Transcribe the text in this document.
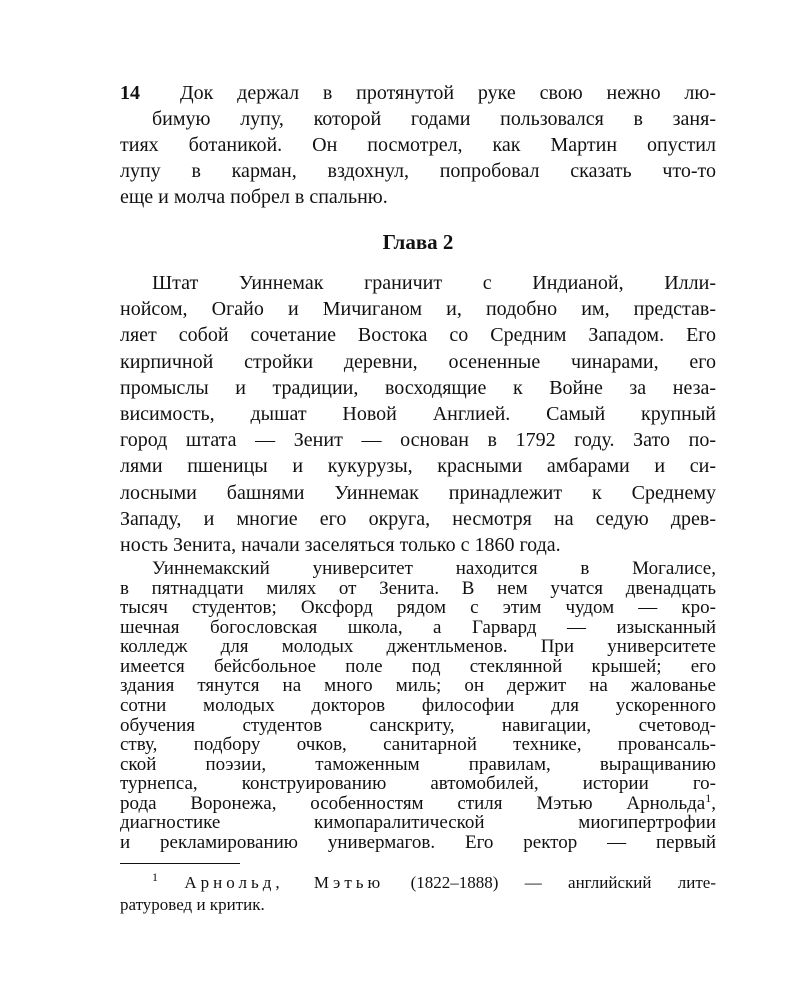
14 Док держал в протянутой руке свою нежно лю-
бимую лупу, которой годами пользовался в заня-
тиях ботаникой. Он посмотрел, как Мартин опустил
лупу в карман, вздохнул, попробовал сказать что-то
еще и молча побрел в спальню.
Глава 2
Штат Уиннемак граничит с Индианой, Илли-
нойсом, Огайо и Мичиганом и, подобно им, представ-
ляет собой сочетание Востока со Средним Западом. Его
кирпичной стройки деревни, осененные чинарами, его
промыслы и традиции, восходящие к Войне за неза-
висимость, дышат Новой Англией. Самый крупный
город штата — Зенит — основан в 1792 году. Зато по-
лями пшеницы и кукурузы, красными амбарами и си-
лосными башнями Уиннемак принадлежит к Среднему
Западу, и многие его округа, несмотря на седую древ-
ность Зенита, начали заселяться только с 1860 года.
Уиннемакский университет находится в Могалисе,
в пятнадцати милях от Зенита. В нем учатся двенадцать
тысяч студентов; Оксфорд рядом с этим чудом — кро-
шечная богословская школа, а Гарвард — изысканный
колледж для молодых джентльменов. При университете
имеется бейсбольное поле под стеклянной крышей; его
здания тянутся на много миль; он держит на жалованье
сотни молодых докторов философии для ускоренного
обучения студентов санскриту, навигации, счетовод-
ству, подбору очков, санитарной технике, провансаль-
ской поэзии, таможенным правилам, выращиванию
турнепса, конструированию автомобилей, истории го-
рода Воронежа, особенностям стиля Мэтью Арнольда$^1$,
диагностике кимопаралитической миогипертрофии
и рекламированию универмагов. Его ректор — первый
$^1$ Арнольд, Мэтью (1822–1888) — английский лите-
ратуровед и критик.
